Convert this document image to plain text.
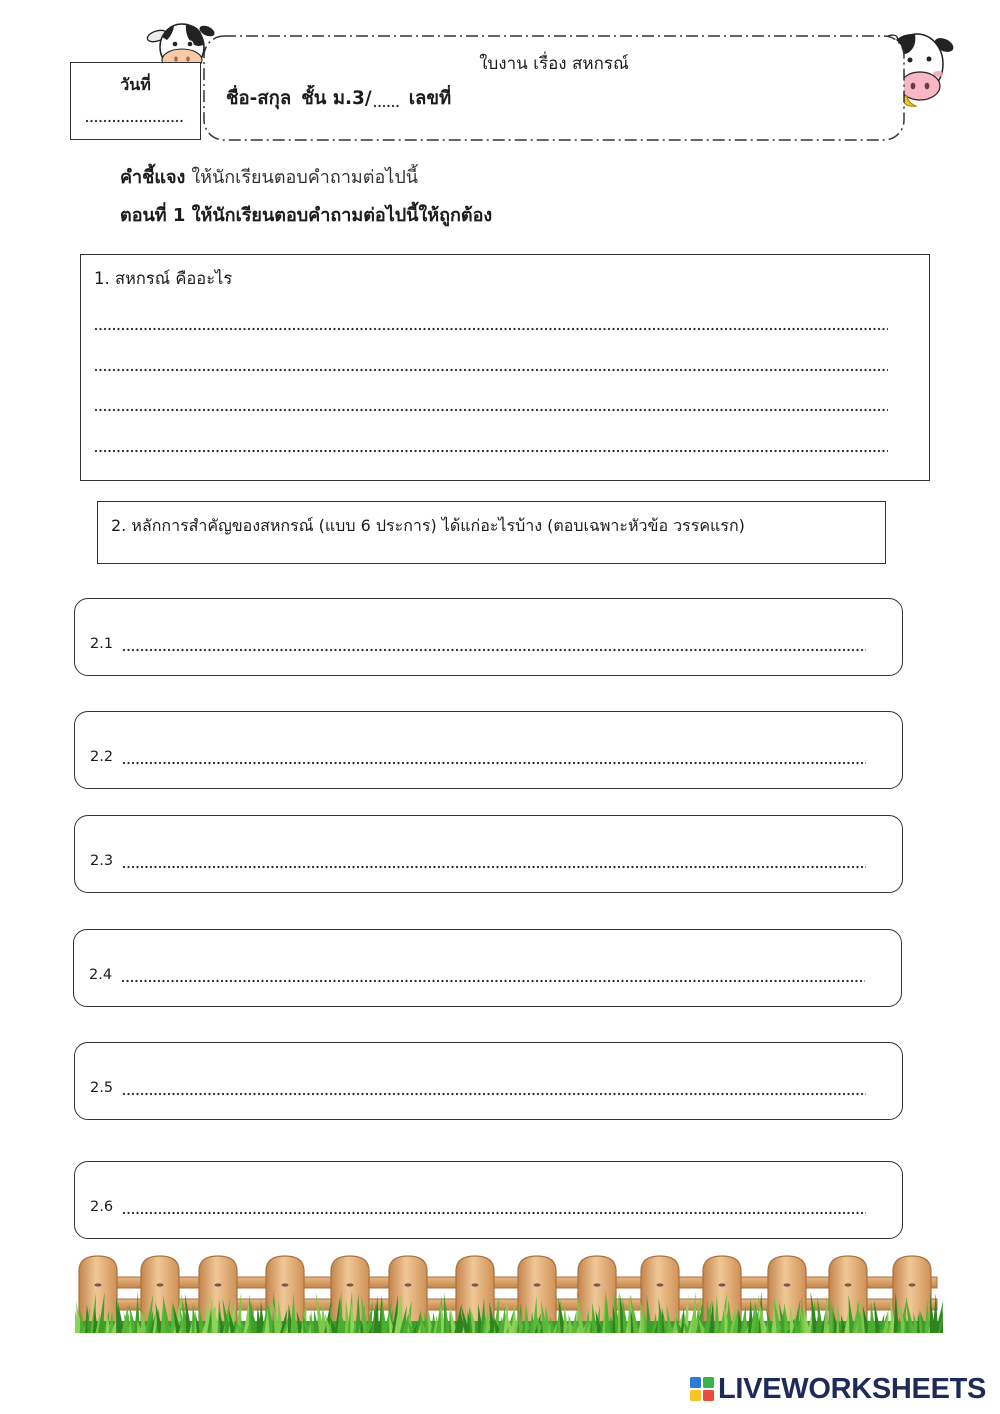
วันที่
ใบงาน เรื่อง สหกรณ์
ชื่อ-สกุล ชั้น ม.3/ เลขที่
คำชี้แจง ให้นักเรียนตอบคำถามต่อไปนี้
ตอนที่ 1 ให้นักเรียนตอบคำถามต่อไปนี้ให้ถูกต้อง
1. สหกรณ์ คืออะไร
2. หลักการสำคัญของสหกรณ์ (แบบ 6 ประการ) ได้แก่อะไรบ้าง (ตอบเฉพาะหัวข้อ วรรคแรก)
2.1
2.2
2.3
2.4
2.5
2.6
LIVEWORKSHEETS
